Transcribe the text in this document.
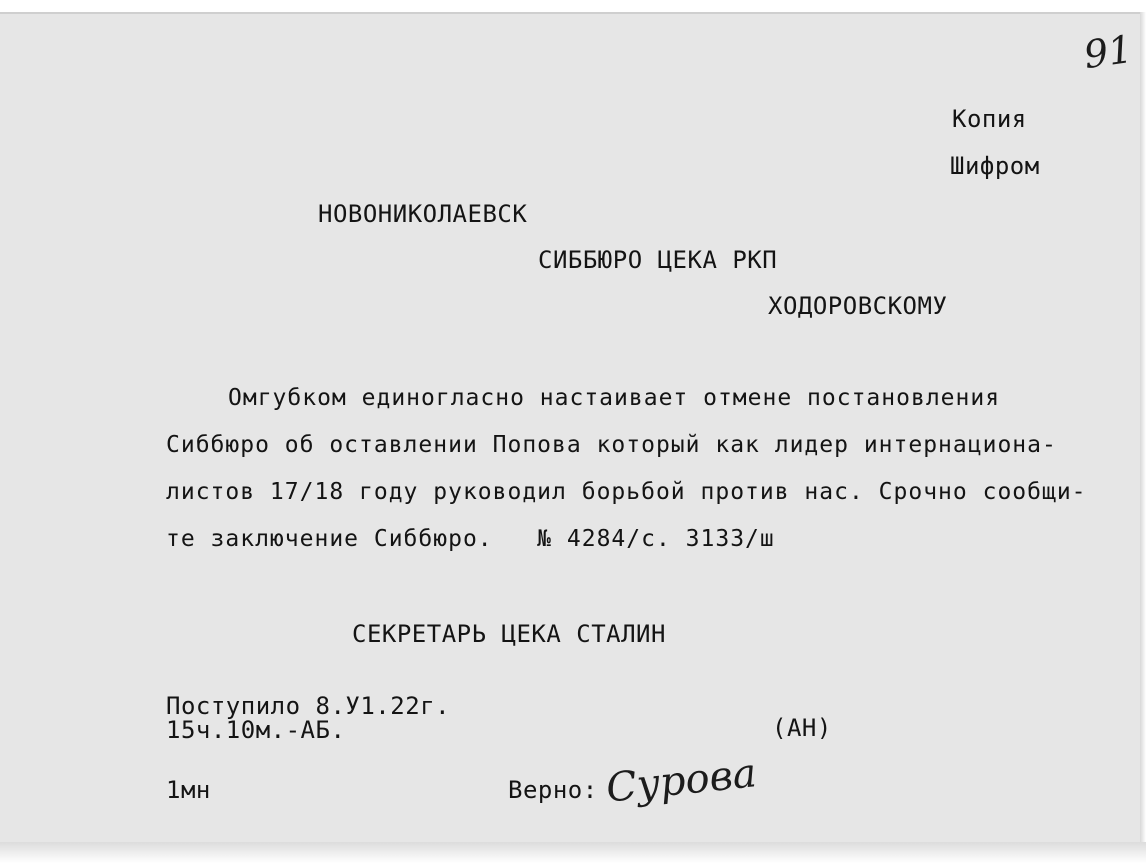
91
Копия
Шифром
НОВОНИКОЛАЕВСК
СИББЮРО ЦЕКА РКП
ХОДОРОВСКОМУ
Омгубком единогласно настаивает отмене постановления
Сиббюро об оставлении Попова который как лидер интернациона-
листов 17/18 году руководил борьбой против нас. Срочно сообщи-
те заключение Сиббюро.   № 4284/с. 3133/ш
СЕКРЕТАРЬ ЦЕКА СТАЛИН
Поступило 8.У1.22г.
15ч.10м.-АБ.	(АН)
1мн	Верно: Сурова
